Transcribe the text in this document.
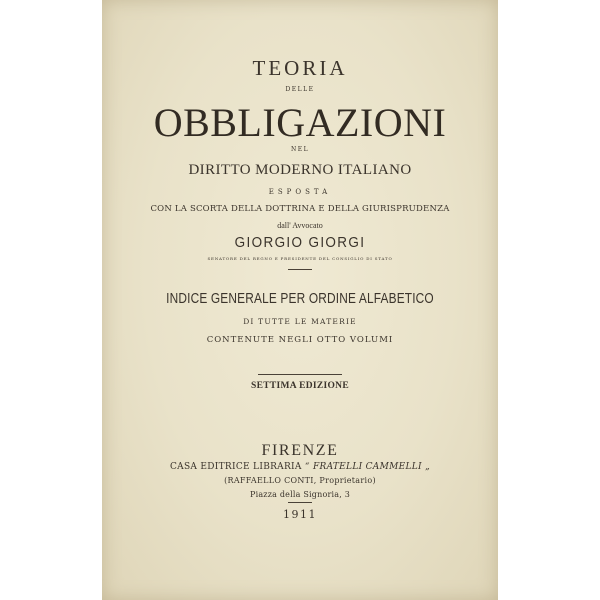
TEORIA
DELLE
OBBLIGAZIONI
NEL
DIRITTO MODERNO ITALIANO
ESPOSTA
CON LA SCORTA DELLA DOTTRINA E DELLA GIURISPRUDENZA
dall' Avvocato
GIORGIO GIORGI
SENATORE DEL REGNO E PRESIDENTE DEL CONSIGLIO DI STATO
INDICE GENERALE PER ORDINE ALFABETICO
DI TUTTE LE MATERIE
CONTENUTE NEGLI OTTO VOLUMI
SETTIMA EDIZIONE
FIRENZE
CASA EDITRICE LIBRARIA “ FRATELLI CAMMELLI „
(RAFFAELLO CONTI, Proprietario)
Piazza della Signoria, 3
1911
